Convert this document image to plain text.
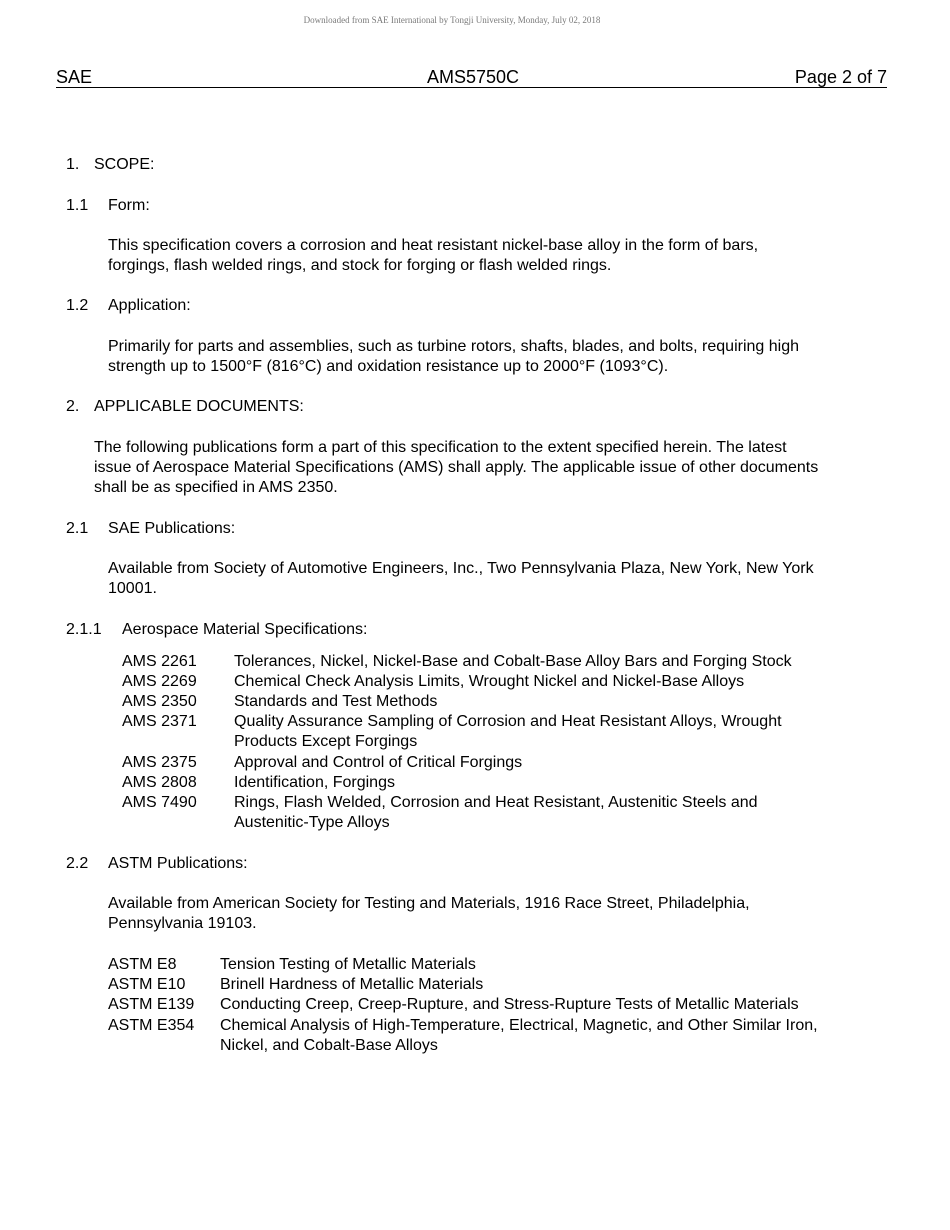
Downloaded from SAE International by Tongji University, Monday, July 02, 2018
SAE	AMS5750C	Page 2 of 7
1. SCOPE:
1.1 Form:
This specification covers a corrosion and heat resistant nickel-base alloy in the form of bars,
forgings, flash welded rings, and stock for forging or flash welded rings.
1.2 Application:
Primarily for parts and assemblies, such as turbine rotors, shafts, blades, and bolts, requiring high
strength up to 1500°F (816°C) and oxidation resistance up to 2000°F (1093°C).
2. APPLICABLE DOCUMENTS:
The following publications form a part of this specification to the extent specified herein. The latest
issue of Aerospace Material Specifications (AMS) shall apply. The applicable issue of other documents
shall be as specified in AMS 2350.
2.1 SAE Publications:
Available from Society of Automotive Engineers, Inc., Two Pennsylvania Plaza, New York, New York
10001.
2.1.1 Aerospace Material Specifications:
AMS 2261 Tolerances, Nickel, Nickel-Base and Cobalt-Base Alloy Bars and Forging Stock
AMS 2269 Chemical Check Analysis Limits, Wrought Nickel and Nickel-Base Alloys
AMS 2350 Standards and Test Methods
AMS 2371 Quality Assurance Sampling of Corrosion and Heat Resistant Alloys, Wrought
Products Except Forgings
AMS 2375 Approval and Control of Critical Forgings
AMS 2808 Identification, Forgings
AMS 7490 Rings, Flash Welded, Corrosion and Heat Resistant, Austenitic Steels and
Austenitic-Type Alloys
2.2 ASTM Publications:
Available from American Society for Testing and Materials, 1916 Race Street, Philadelphia,
Pennsylvania 19103.
ASTM E8	Tension Testing of Metallic Materials
ASTM E10 Brinell Hardness of Metallic Materials
ASTM E139 Conducting Creep, Creep-Rupture, and Stress-Rupture Tests of Metallic Materials
ASTM E354 Chemical Analysis of High-Temperature, Electrical, Magnetic, and Other Similar Iron,
Nickel, and Cobalt-Base Alloys
